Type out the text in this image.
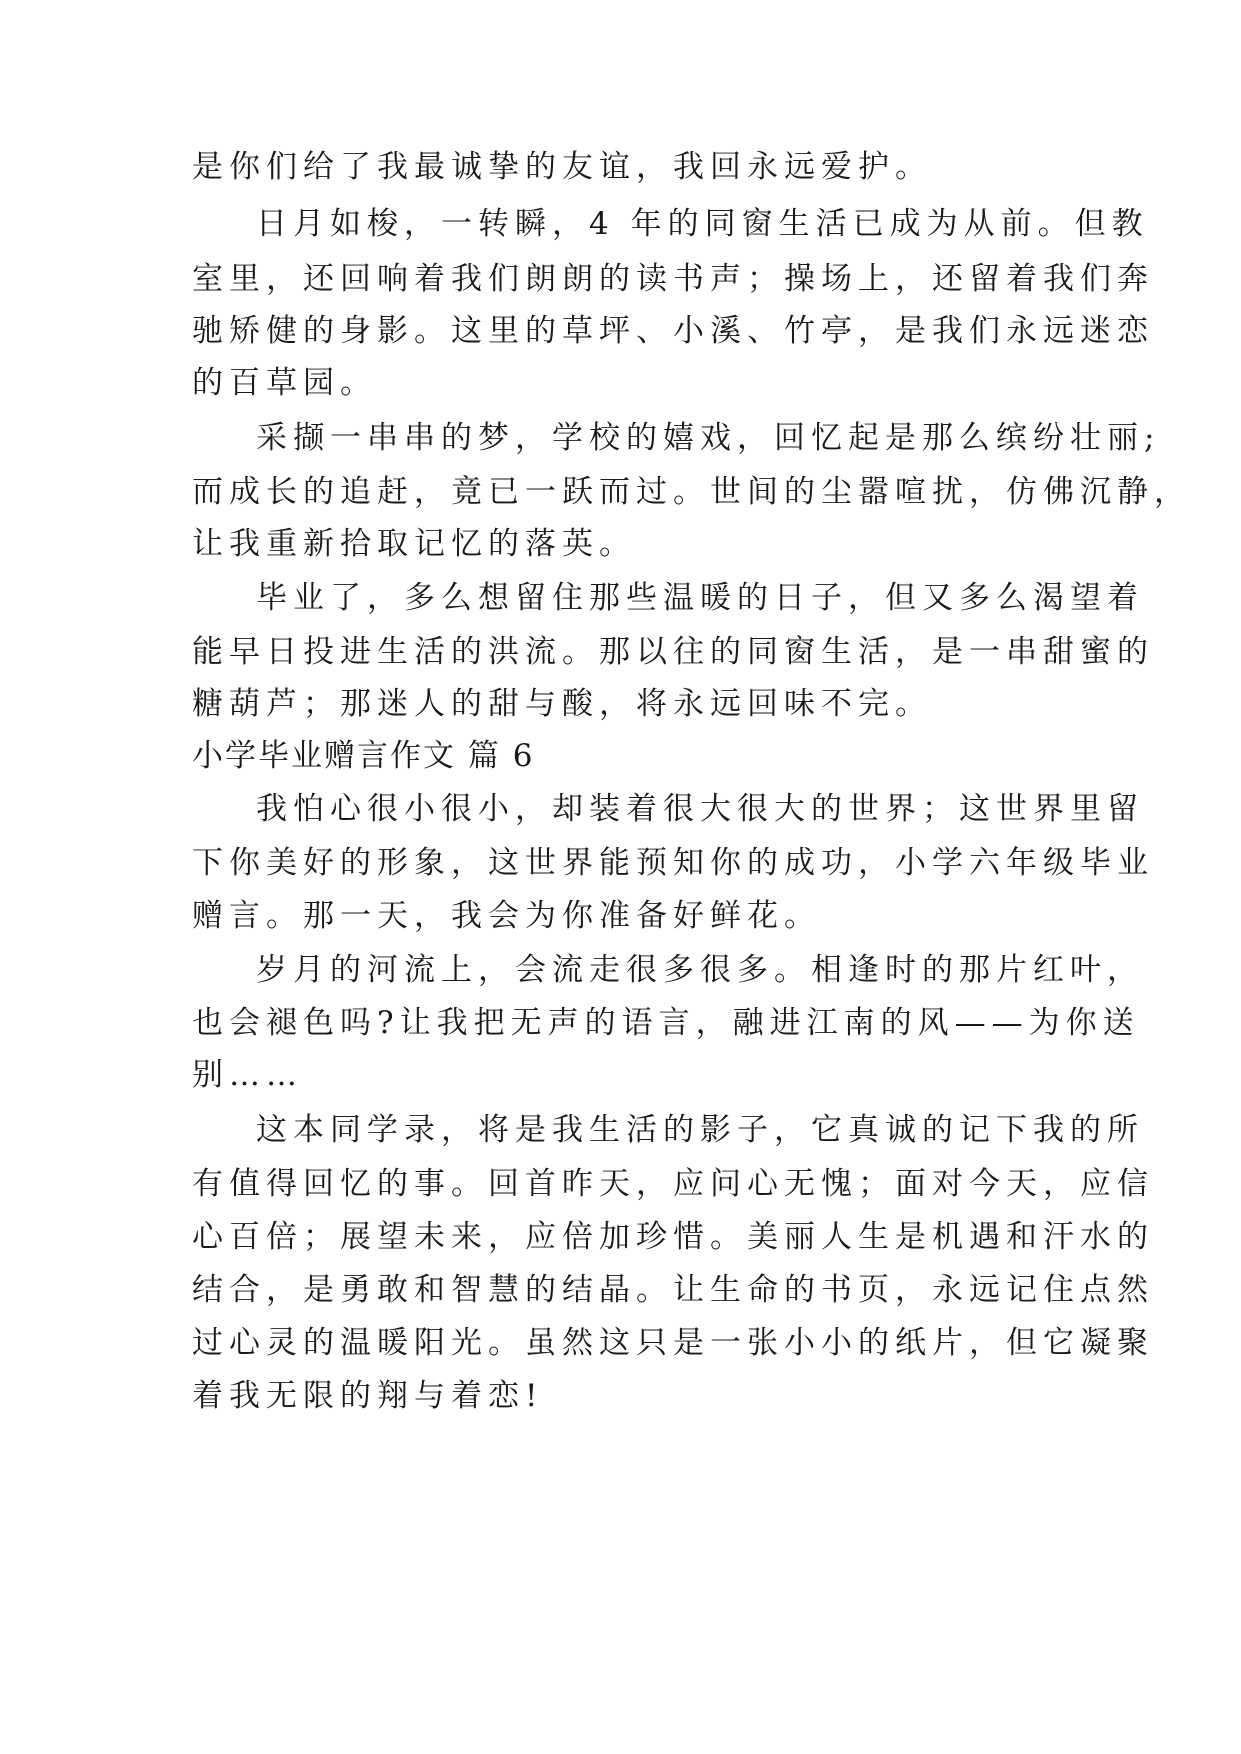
是你们给了我最诚挚的友谊，我回永远爱护。
日月如梭，一转瞬，4 年的同窗生活已成为从前。但教
室里，还回响着我们朗朗的读书声；操场上，还留着我们奔
驰矫健的身影。这里的草坪、小溪、竹亭，是我们永远迷恋
的百草园。
采撷一串串的梦，学校的嬉戏，回忆起是那么缤纷壮丽;
而成长的追赶，竟已一跃而过。世间的尘嚣喧扰，仿佛沉静，
让我重新拾取记忆的落英。
毕业了，多么想留住那些温暖的日子，但又多么渴望着
能早日投进生活的洪流。那以往的同窗生活，是一串甜蜜的
糖葫芦；那迷人的甜与酸，将永远回味不完。
小学毕业赠言作文 篇 6
我怕心很小很小，却装着很大很大的世界；这世界里留
下你美好的形象，这世界能预知你的成功，小学六年级毕业
赠言。那一天，我会为你准备好鲜花。
岁月的河流上，会流走很多很多。相逢时的那片红叶，
也会褪色吗?让我把无声的语言，融进江南的风——为你送
别……
这本同学录，将是我生活的影子，它真诚的记下我的所
有值得回忆的事。回首昨天，应问心无愧；面对今天，应信
心百倍；展望未来，应倍加珍惜。美丽人生是机遇和汗水的
结合，是勇敢和智慧的结晶。让生命的书页，永远记住点然
过心灵的温暖阳光。虽然这只是一张小小的纸片，但它凝聚
着我无限的翔与着恋!
